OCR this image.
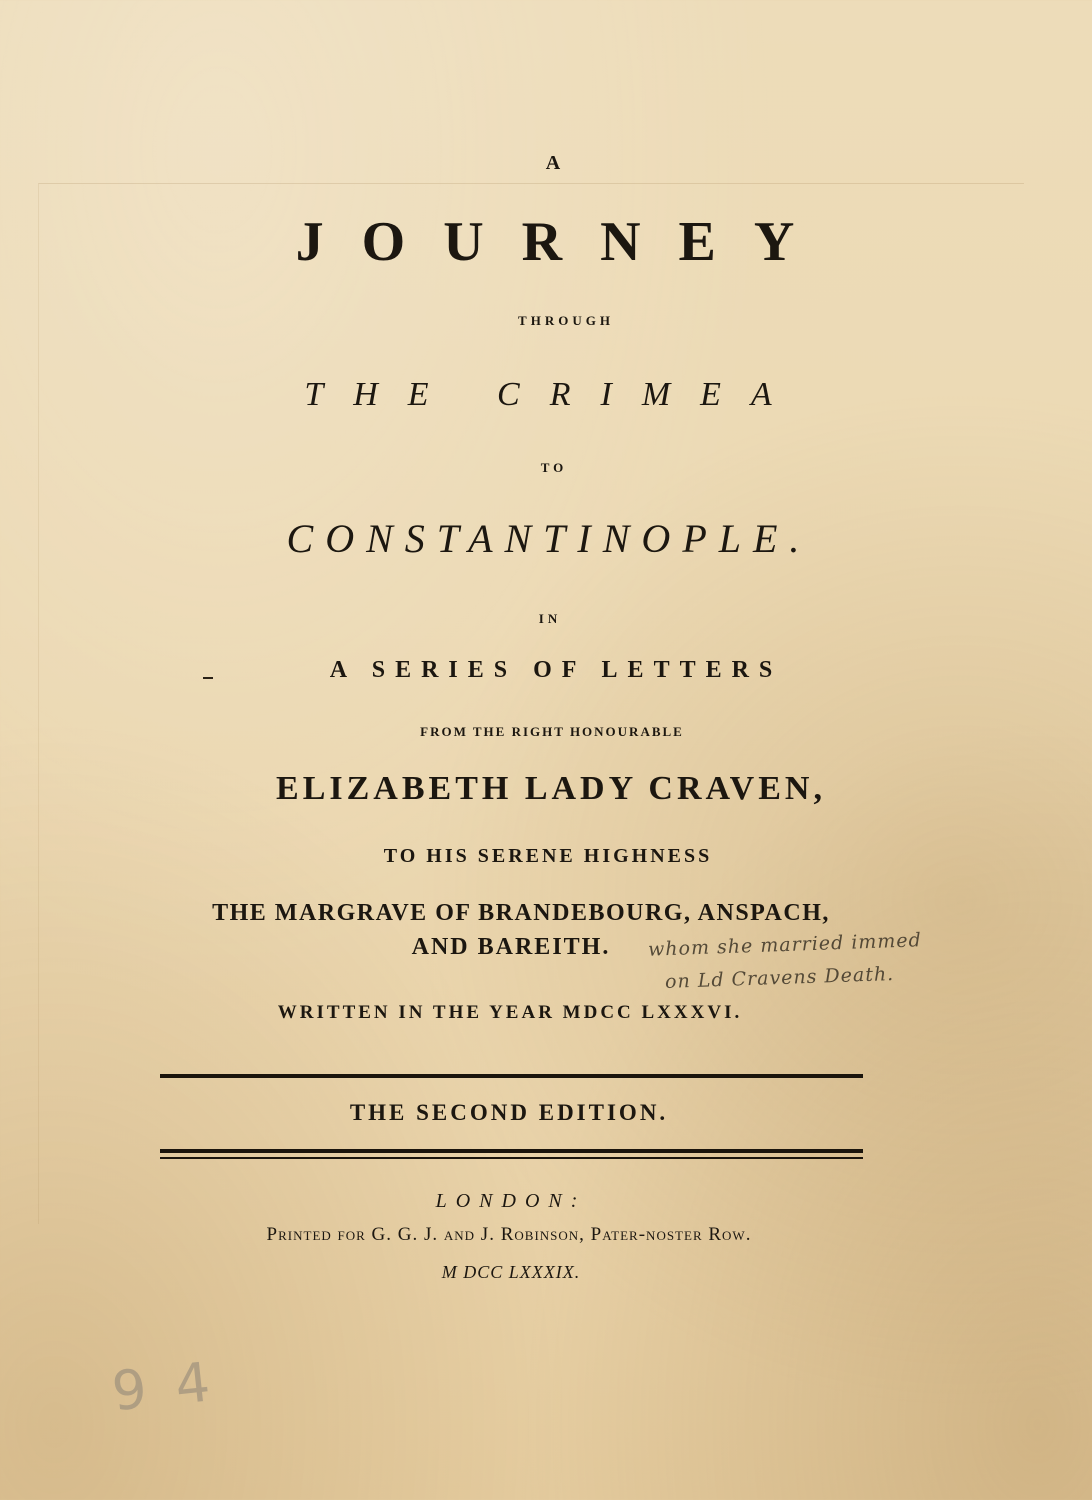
A
JOURNEY
THROUGH
THE CRIMEA
TO
CONSTANTINOPLE.
IN
A SERIES OF LETTERS
FROM THE RIGHT HONOURABLE
ELIZABETH LADY CRAVEN,
TO HIS SERENE HIGHNESS
THE MARGRAVE OF BRANDEBOURG, ANSPACH,
AND BAREITH.
WRITTEN IN THE YEAR MDCC LXXXVI.
THE SECOND EDITION.
LONDON:
Printed for G. G. J. and J. Robinson, Pater-noster Row.
M DCC LXXXIX.
whom she married immed
on Ld Cravens Death.
9 4
